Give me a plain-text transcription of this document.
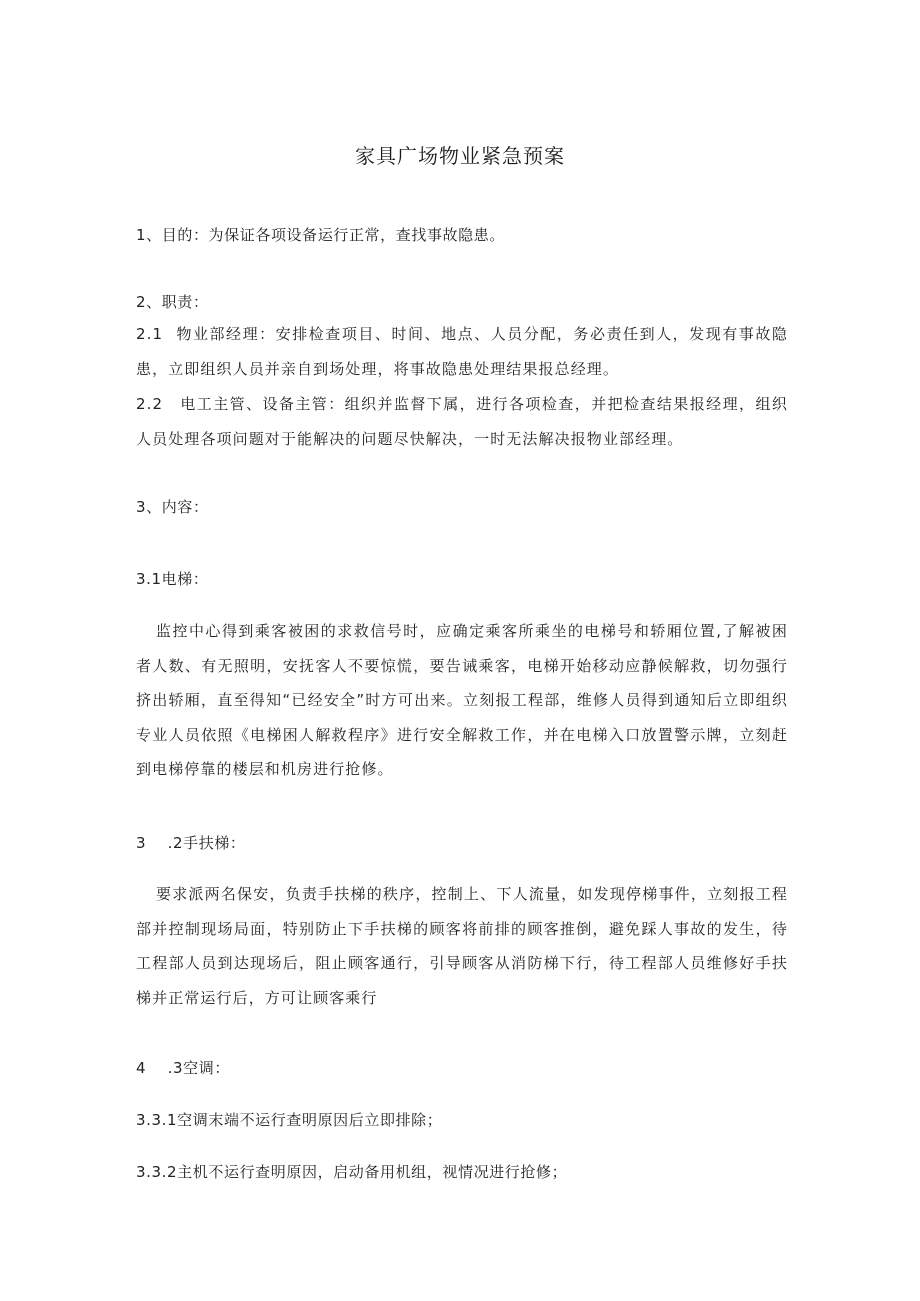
家具广场物业紧急预案
1、目的：为保证各项设备运行正常，查找事故隐患。
2、职责：
2.1 物业部经理：安排检查项目、时间、地点、人员分配，务必责任到人，发现有事故隐患，立即组织人员并亲自到场处理，将事故隐患处理结果报总经理。
2.2 电工主管、设备主管：组织并监督下属，进行各项检查，并把检查结果报经理，组织人员处理各项问题对于能解决的问题尽快解决，一时无法解决报物业部经理。
3、内容：
3.1电梯：
监控中心得到乘客被困的求救信号时，应确定乘客所乘坐的电梯号和轿厢位置,了解被困者人数、有无照明，安抚客人不要惊慌，要告诫乘客，电梯开始移动应静候解救，切勿强行挤出轿厢，直至得知“已经安全”时方可出来。立刻报工程部，维修人员得到通知后立即组织专业人员依照《电梯困人解救程序》进行安全解救工作，并在电梯入口放置警示牌，立刻赶到电梯停靠的楼层和机房进行抢修。
3    .2手扶梯：
要求派两名保安，负责手扶梯的秩序，控制上、下人流量，如发现停梯事件，立刻报工程部并控制现场局面，特别防止下手扶梯的顾客将前排的顾客推倒，避免踩人事故的发生，待工程部人员到达现场后，阻止顾客通行，引导顾客从消防梯下行，待工程部人员维修好手扶梯并正常运行后，方可让顾客乘行
4    .3空调：
3.3.1空调末端不运行查明原因后立即排除；
3.3.2主机不运行查明原因，启动备用机组，视情况进行抢修；
